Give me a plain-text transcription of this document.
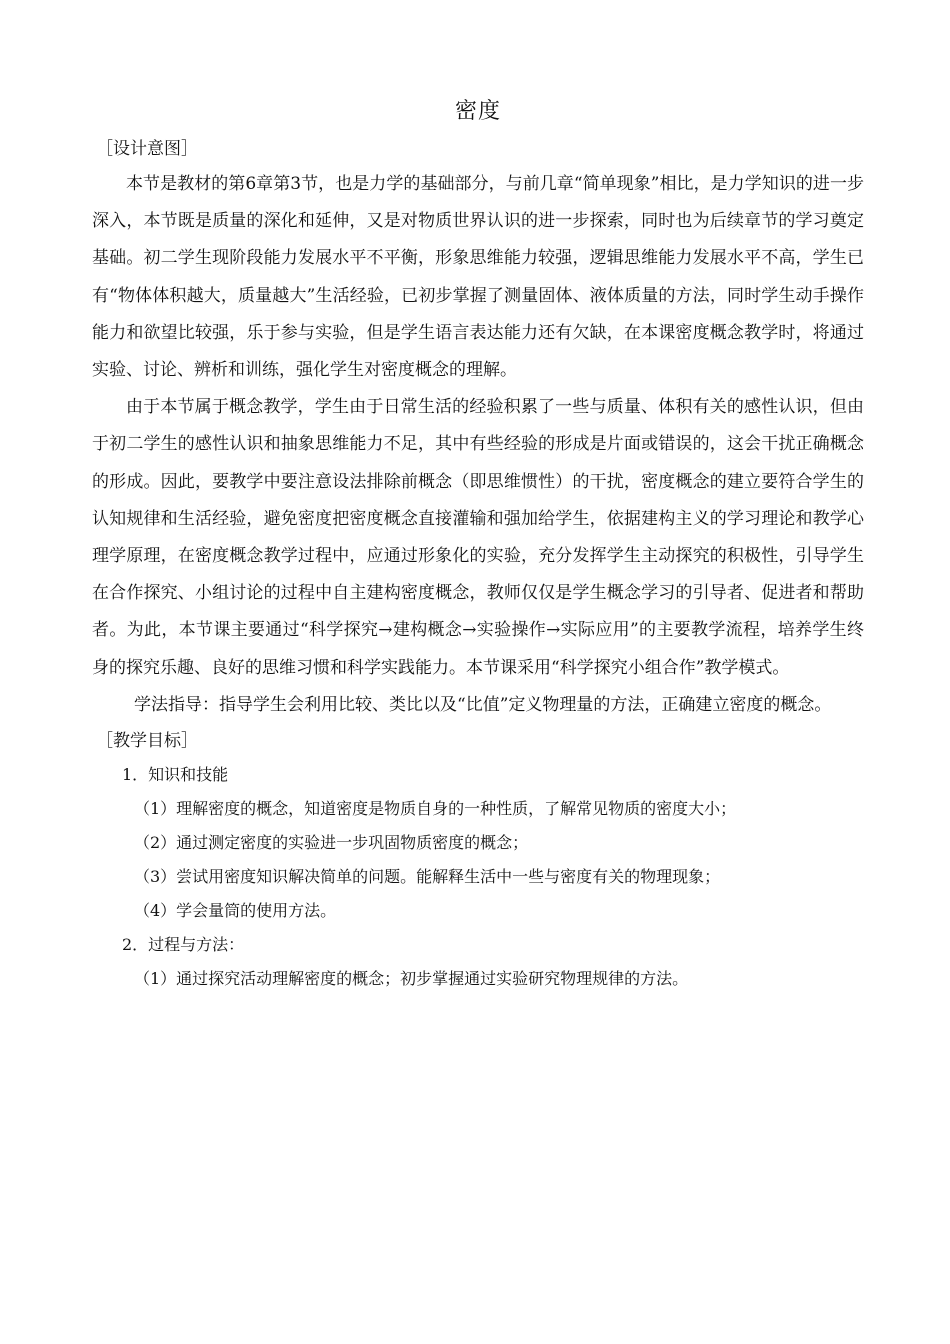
密度
［设计意图］

本节是教材的第6章第3节，也是力学的基础部分，与前几章“简单现象”相比，是力学知识的进一步深入，本节既是质量的深化和延伸，又是对物质世界认识的进一步探索，同时也为后续章节的学习奠定基础。初二学生现阶段能力发展水平不平衡，形象思维能力较强，逻辑思维能力发展水平不高，学生已有“物体体积越大，质量越大”生活经验，已初步掌握了测量固体、液体质量的方法，同时学生动手操作能力和欲望比较强，乐于参与实验，但是学生语言表达能力还有欠缺，在本课密度概念教学时，将通过实验、讨论、辨析和训练，强化学生对密度概念的理解。

由于本节属于概念教学，学生由于日常生活的经验积累了一些与质量、体积有关的感性认识，但由于初二学生的感性认识和抽象思维能力不足，其中有些经验的形成是片面或错误的，这会干扰正确概念的形成。因此，要教学中要注意设法排除前概念（即思维惯性）的干扰，密度概念的建立要符合学生的认知规律和生活经验，避免密度把密度概念直接灌输和强加给学生，依据建构主义的学习理论和教学心理学原理，在密度概念教学过程中，应通过形象化的实验，充分发挥学生主动探究的积极性，引导学生在合作探究、小组讨论的过程中自主建构密度概念，教师仅仅是学生概念学习的引导者、促进者和帮助者。为此，本节课主要通过“科学探究→建构概念→实验操作→实际应用”的主要教学流程，培养学生终身的探究乐趣、良好的思维习惯和科学实践能力。本节课采用“科学探究小组合作”教学模式。

学法指导：指导学生会利用比较、类比以及“比值”定义物理量的方法，正确建立密度的概念。

［教学目标］
1．知识和技能
（1）理解密度的概念，知道密度是物质自身的一种性质，了解常见物质的密度大小；
（2）通过测定密度的实验进一步巩固物质密度的概念；
（3）尝试用密度知识解决简单的问题。能解释生活中一些与密度有关的物理现象；
（4）学会量筒的使用方法。
2．过程与方法：
（1）通过探究活动理解密度的概念；初步掌握通过实验研究物理规律的方法。
